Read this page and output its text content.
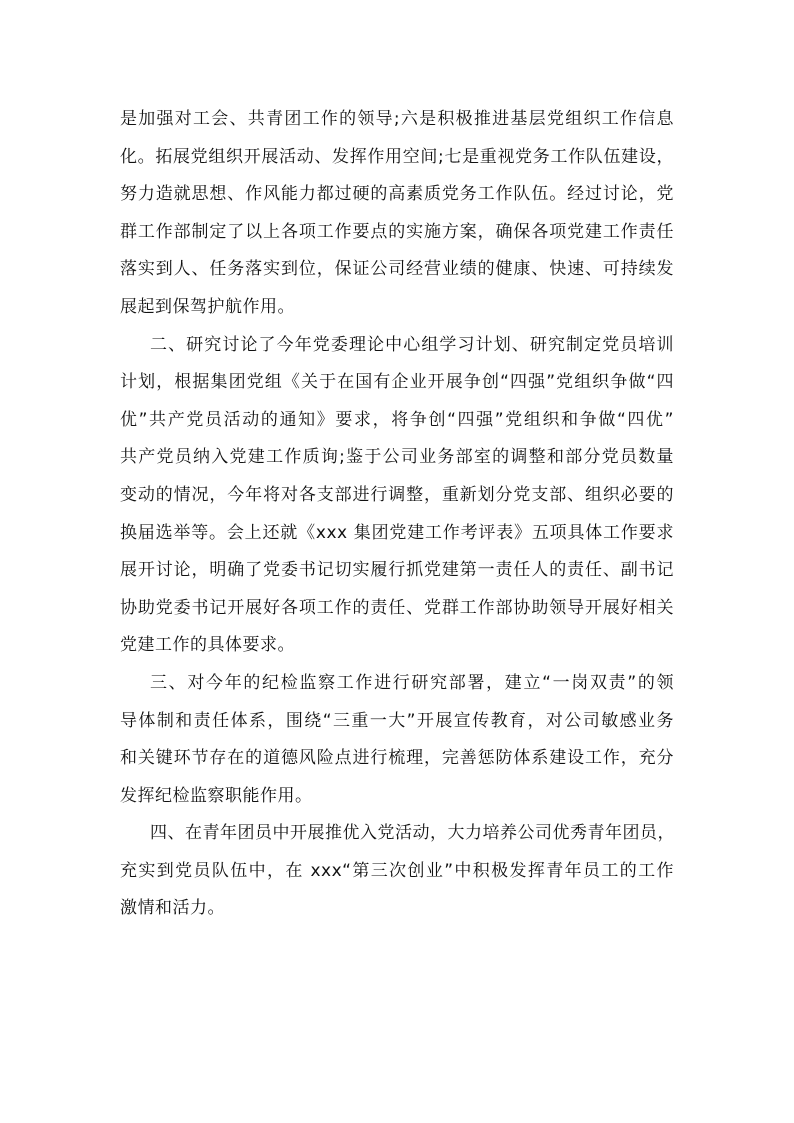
是加强对工会、共青团工作的领导;六是积极推进基层党组织工作信息
化。拓展党组织开展活动、发挥作用空间;七是重视党务工作队伍建设，
努力造就思想、作风能力都过硬的高素质党务工作队伍。经过讨论，党
群工作部制定了以上各项工作要点的实施方案，确保各项党建工作责任
落实到人、任务落实到位，保证公司经营业绩的健康、快速、可持续发
展起到保驾护航作用。
二、研究讨论了今年党委理论中心组学习计划、研究制定党员培训
计划，根据集团党组《关于在国有企业开展争创“四强”党组织争做“四
优”共产党员活动的通知》要求，将争创“四强”党组织和争做“四优”
共产党员纳入党建工作质询;鉴于公司业务部室的调整和部分党员数量
变动的情况，今年将对各支部进行调整，重新划分党支部、组织必要的
换届选举等。会上还就《xxx 集团党建工作考评表》五项具体工作要求
展开讨论，明确了党委书记切实履行抓党建第一责任人的责任、副书记
协助党委书记开展好各项工作的责任、党群工作部协助领导开展好相关
党建工作的具体要求。
三、对今年的纪检监察工作进行研究部署，建立“一岗双责”的领
导体制和责任体系，围绕“三重一大”开展宣传教育，对公司敏感业务
和关键环节存在的道德风险点进行梳理，完善惩防体系建设工作，充分
发挥纪检监察职能作用。
四、在青年团员中开展推优入党活动，大力培养公司优秀青年团员，
充实到党员队伍中，在 xxx“第三次创业”中积极发挥青年员工的工作
激情和活力。
